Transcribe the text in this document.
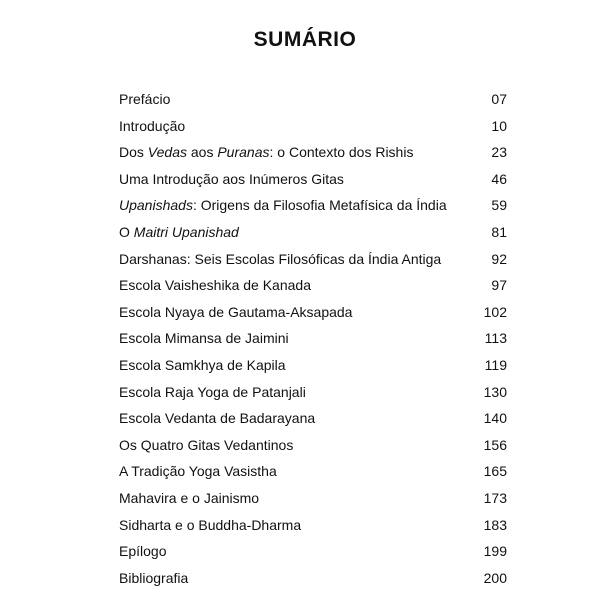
SUMÁRIO
Prefácio	07
Introdução	10
Dos Vedas aos Puranas: o Contexto dos Rishis	23
Uma Introdução aos Inúmeros Gitas	46
Upanishads: Origens da Filosofia Metafísica da Índia	59
O Maitri Upanishad	81
Darshanas: Seis Escolas Filosóficas da Índia Antiga	92
Escola Vaisheshika de Kanada	97
Escola Nyaya de Gautama-Aksapada	102
Escola Mimansa de Jaimini	113
Escola Samkhya de Kapila	119
Escola Raja Yoga de Patanjali	130
Escola Vedanta de Badarayana	140
Os Quatro Gitas Vedantinos	156
A Tradição Yoga Vasistha	165
Mahavira e o Jainismo	173
Sidharta e o Buddha-Dharma	183
Epílogo	199
Bibliografia	200
